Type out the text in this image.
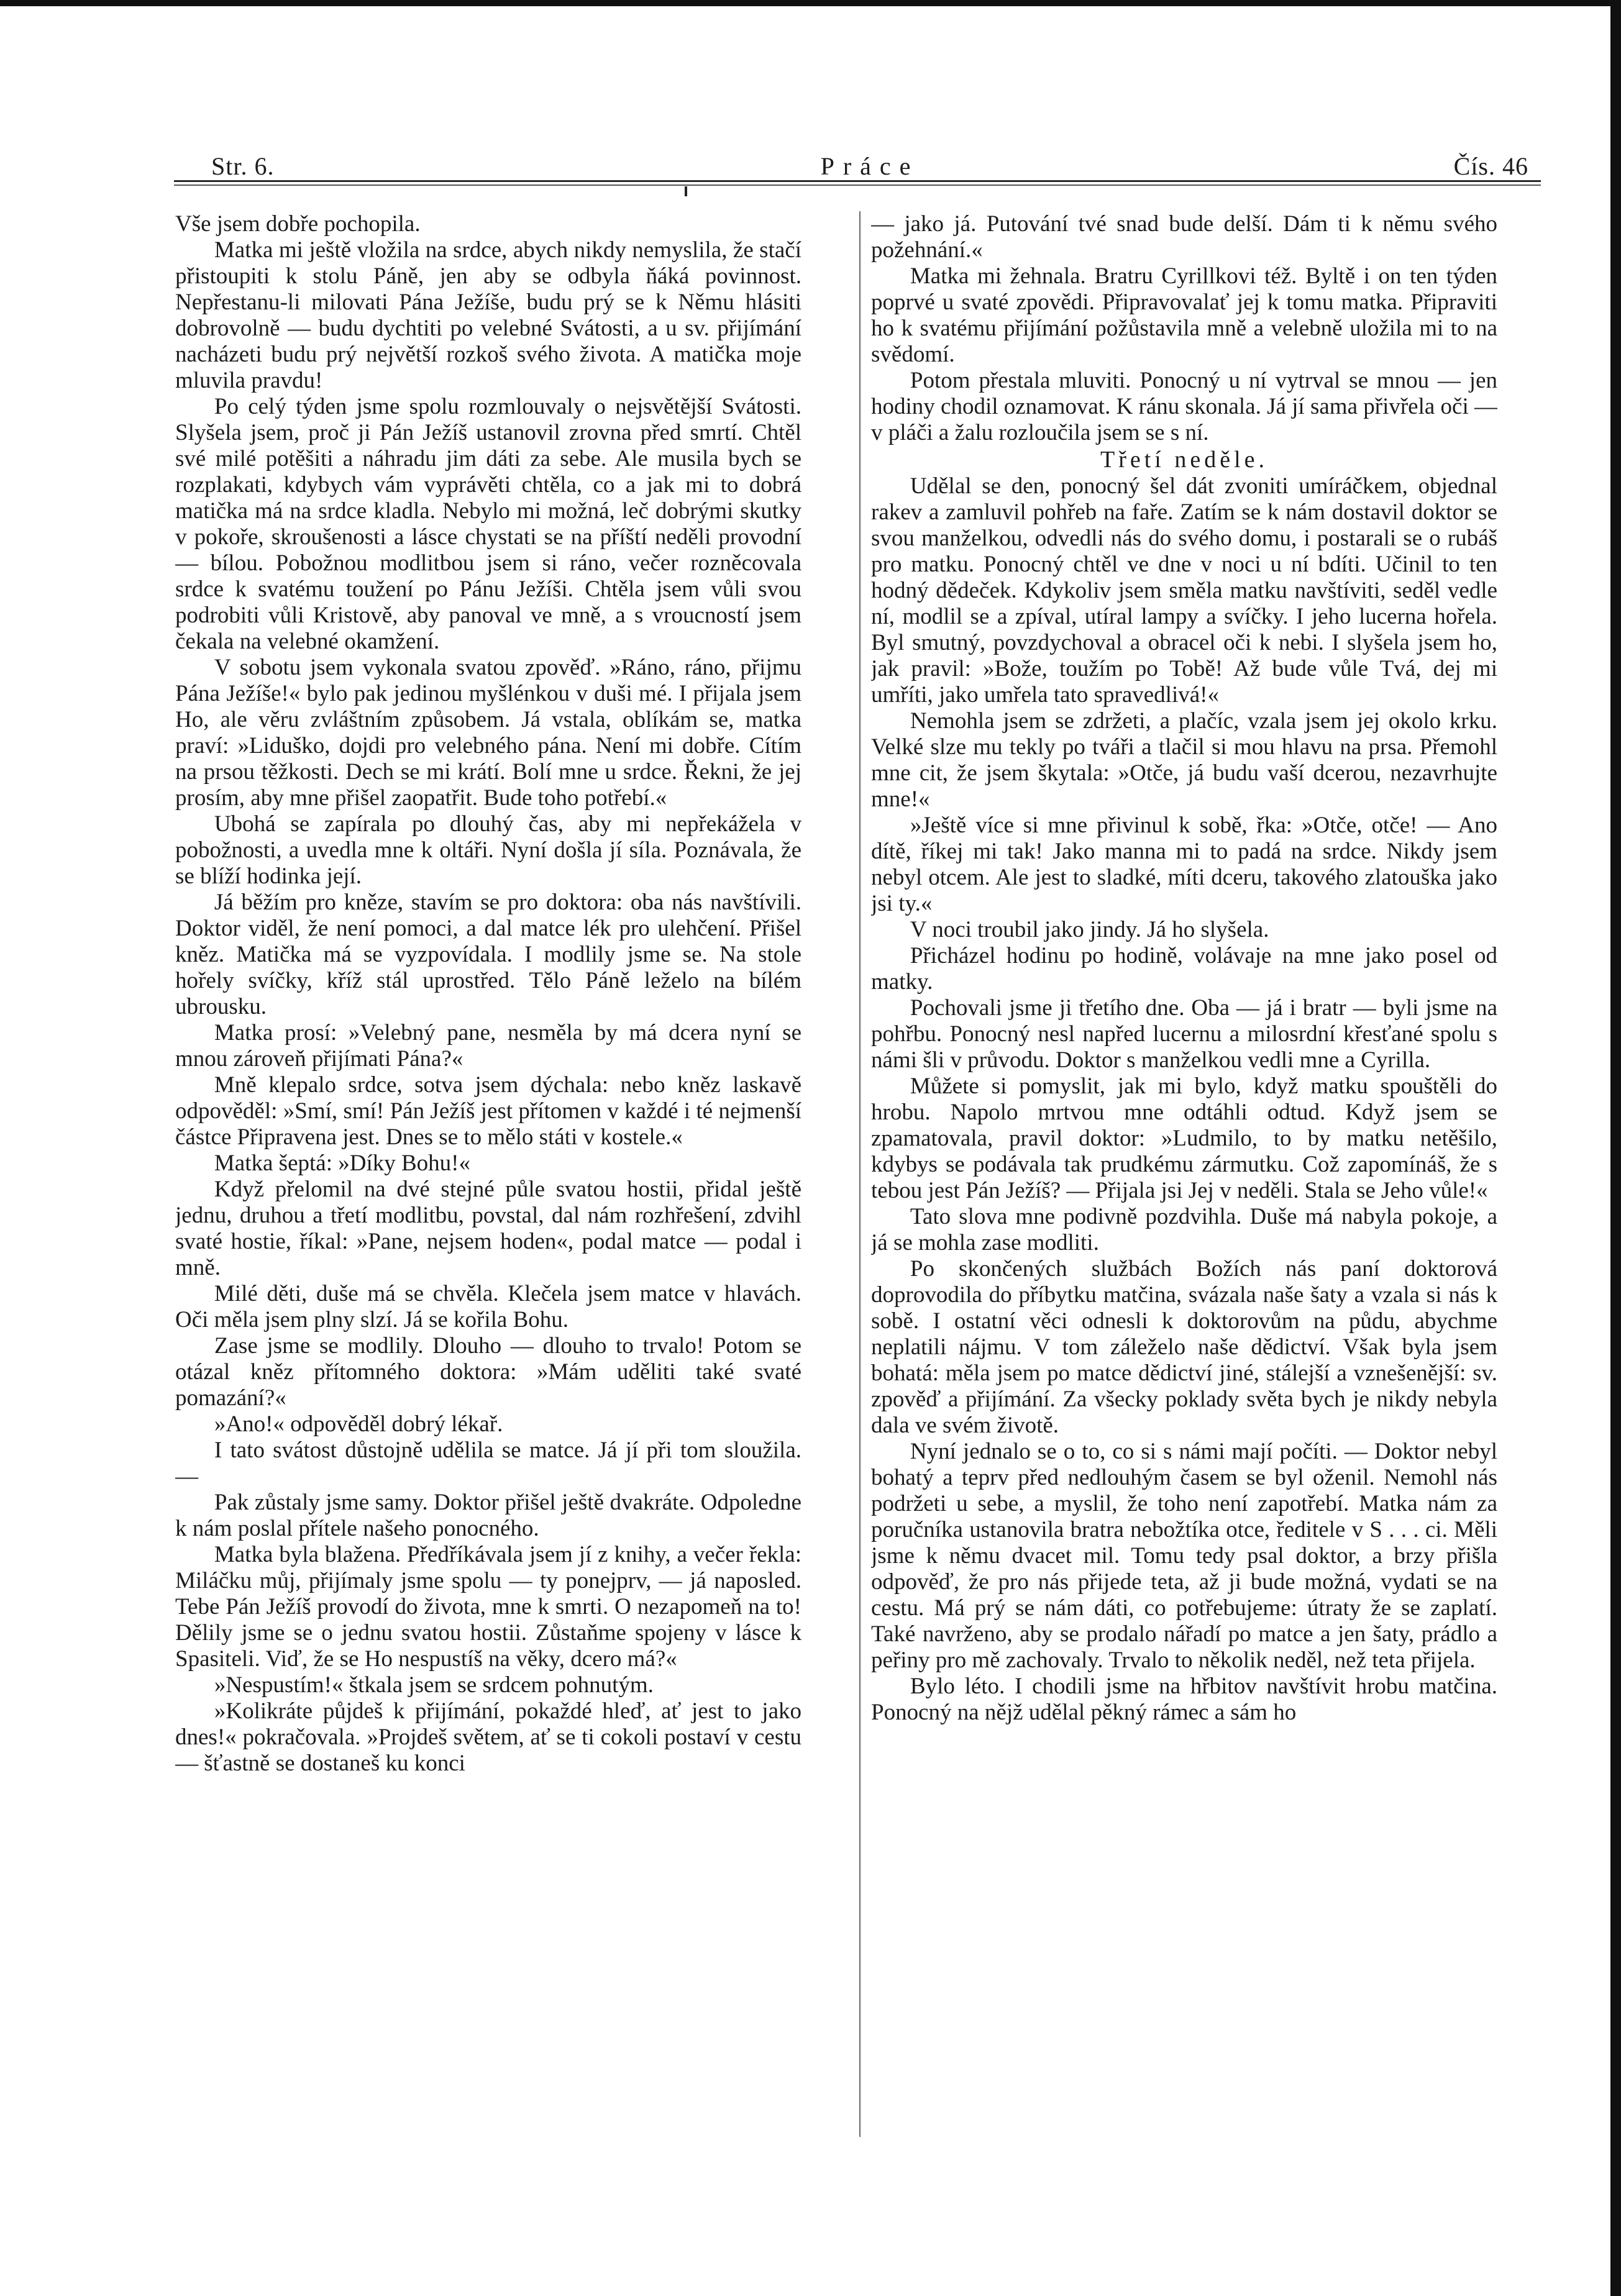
Str. 6.	Práce	Čís. 46

Vše jsem dobře pochopila.

Matka mi ještě vložila na srdce, abych nikdy nemyslila, že stačí přistoupiti k stolu Páně, jen aby se odbyla ňáká povinnost. Nepřestanu-li milovati Pána Ježíše, budu prý se k Němu hlásiti dobrovolně — budu dychtiti po velebné Svátosti, a u sv. přijímání nacházeti budu prý největší rozkoš svého života. A matička moje mluvila pravdu!

Po celý týden jsme spolu rozmlouvaly o nejsvětější Svátosti. Slyšela jsem, proč ji Pán Ježíš ustanovil zrovna před smrtí. Chtěl své milé potěšiti a náhradu jim dáti za sebe. Ale musila bych se rozplakati, kdybych vám vyprávěti chtěla, co a jak mi to dobrá matička má na srdce kladla. Nebylo mi možná, leč dobrými skutky v pokoře, skroušenosti a lásce chystati se na příští neděli provodní — bílou. Pobožnou modlitbou jsem si ráno, večer rozněcovala srdce k svatému toužení po Pánu Ježíši. Chtěla jsem vůli svou podrobiti vůli Kristově, aby panoval ve mně, a s vroucností jsem čekala na velebné okamžení.

V sobotu jsem vykonala svatou zpověď. »Ráno, ráno, přijmu Pána Ježíše!« bylo pak jedinou myšlénkou v duši mé. I přijala jsem Ho, ale věru zvláštním způsobem. Já vstala, oblíkám se, matka praví: »Liduško, dojdi pro velebného pána. Není mi dobře. Cítím na prsou těžkosti. Dech se mi krátí. Bolí mne u srdce. Řekni, že jej prosím, aby mne přišel zaopatřit. Bude toho potřebí.«

Ubohá se zapírala po dlouhý čas, aby mi nepřekážela v pobožnosti, a uvedla mne k oltáři. Nyní došla jí síla. Poznávala, že se blíží hodinka její.

Já běžím pro kněze, stavím se pro doktora: oba nás navštívili. Doktor viděl, že není pomoci, a dal matce lék pro ulehčení. Přišel kněz. Matička má se vyzpovídala. I modlily jsme se. Na stole hořely svíčky, kříž stál uprostřed. Tělo Páně leželo na bílém ubrousku.

Matka prosí: »Velebný pane, nesměla by má dcera nyní se mnou zároveň přijímati Pána?«

Mně klepalo srdce, sotva jsem dýchala: nebo kněz laskavě odpověděl: »Smí, smí! Pán Ježíš jest přítomen v každé i té nejmenší částce Připravena jest. Dnes se to mělo státi v kostele.«

Matka šeptá: »Díky Bohu!«

Když přelomil na dvé stejné půle svatou hostii, přidal ještě jednu, druhou a třetí modlitbu, povstal, dal nám rozhřešení, zdvihl svaté hostie, říkal: »Pane, nejsem hoden«, podal matce — podal i mně.

Milé děti, duše má se chvěla. Klečela jsem matce v hlavách. Oči měla jsem plny slzí. Já se kořila Bohu.

Zase jsme se modlily. Dlouho — dlouho to trvalo! Potom se otázal kněz přítomného doktora: »Mám uděliti také svaté pomazání?«

»Ano!« odpověděl dobrý lékař.

I tato svátost důstojně udělila se matce. Já jí při tom sloužila. —

Pak zůstaly jsme samy. Doktor přišel ještě dvakráte. Odpoledne k nám poslal přítele našeho ponocného.

Matka byla blažena. Předříkávala jsem jí z knihy, a večer řekla: Miláčku můj, přijímaly jsme spolu — ty ponejprv, — já naposled. Tebe Pán Ježíš provodí do života, mne k smrti. O nezapomeň na to! Dělily jsme se o jednu svatou hostii. Zůstaňme spojeny v lásce k Spasiteli. Viď, že se Ho nespustíš na věky, dcero má?«

»Nespustím!« štkala jsem se srdcem pohnutým.

»Kolikráte půjdeš k přijímání, pokaždé hleď, ať jest to jako dnes!« pokračovala. »Projdeš světem, ať se ti cokoli postaví v cestu — šťastně se dostaneš ku konci

— jako já. Putování tvé snad bude delší. Dám ti k němu svého požehnání.«

Matka mi žehnala. Bratru Cyrillkovi též. Byltě i on ten týden poprvé u svaté zpovědi. Připravovalať jej k tomu matka. Připraviti ho k svatému přijímání požůstavila mně a velebně uložila mi to na svědomí.

Potom přestala mluviti. Ponocný u ní vytrval se mnou — jen hodiny chodil oznamovat. K ránu skonala. Já jí sama přivřela oči — v pláči a žalu rozloučila jsem se s ní.

Třetí neděle.

Udělal se den, ponocný šel dát zvoniti umíráčkem, objednal rakev a zamluvil pohřeb na faře. Zatím se k nám dostavil doktor se svou manželkou, odvedli nás do svého domu, i postarali se o rubáš pro matku. Ponocný chtěl ve dne v noci u ní bdíti. Učinil to ten hodný dědeček. Kdykoliv jsem směla matku navštíviti, seděl vedle ní, modlil se a zpíval, utíral lampy a svíčky. I jeho lucerna hořela. Byl smutný, povzdychoval a obracel oči k nebi. I slyšela jsem ho, jak pravil: »Bože, toužím po Tobě! Až bude vůle Tvá, dej mi umříti, jako umřela tato spravedlivá!«

Nemohla jsem se zdržeti, a plačíc, vzala jsem jej okolo krku. Velké slze mu tekly po tváři a tlačil si mou hlavu na prsa. Přemohl mne cit, že jsem škytala: »Otče, já budu vaší dcerou, nezavrhujte mne!«

»Ještě více si mne přivinul k sobě, řka: »Otče, otče! — Ano dítě, říkej mi tak! Jako manna mi to padá na srdce. Nikdy jsem nebyl otcem. Ale jest to sladké, míti dceru, takového zlatouška jako jsi ty.«

V noci troubil jako jindy. Já ho slyšela.

Přicházel hodinu po hodině, volávaje na mne jako posel od matky.

Pochovali jsme ji třetího dne. Oba — já i bratr — byli jsme na pohřbu. Ponocný nesl napřed lucernu a milosrdní křesťané spolu s námi šli v průvodu. Doktor s manželkou vedli mne a Cyrilla.

Můžete si pomyslit, jak mi bylo, když matku spouštěli do hrobu. Napolo mrtvou mne odtáhli odtud. Když jsem se zpamatovala, pravil doktor: »Ludmilo, to by matku netěšilo, kdybys se podávala tak prudkému zármutku. Což zapomínáš, že s tebou jest Pán Ježíš? — Přijala jsi Jej v neděli. Stala se Jeho vůle!«

Tato slova mne podivně pozdvihla. Duše má nabyla pokoje, a já se mohla zase modliti.

Po skončených službách Božích nás paní doktorová doprovodila do příbytku matčina, svázala naše šaty a vzala si nás k sobě. I ostatní věci odnesli k doktorovům na půdu, abychme neplatili nájmu. V tom záleželo naše dědictví. Však byla jsem bohatá: měla jsem po matce dědictví jiné, stálejší a vznešenější: sv. zpověď a přijímání. Za všecky poklady světa bych je nikdy nebyla dala ve svém životě.

Nyní jednalo se o to, co si s námi mají počíti. — Doktor nebyl bohatý a teprv před nedlouhým časem se byl oženil. Nemohl nás podržeti u sebe, a myslil, že toho není zapotřebí. Matka nám za poručníka ustanovila bratra nebožtíka otce, ředitele v S . . . ci. Měli jsme k němu dvacet mil. Tomu tedy psal doktor, a brzy přišla odpověď, že pro nás přijede teta, až ji bude možná, vydati se na cestu. Má prý se nám dáti, co potřebujeme: útraty že se zaplatí. Také navrženo, aby se prodalo nářadí po matce a jen šaty, prádlo a peřiny pro mě zachovaly. Trvalo to několik neděl, než teta přijela.

Bylo léto. I chodili jsme na hřbitov navštívit hrobu matčina. Ponocný na nějž udělal pěkný rámec a sám ho
